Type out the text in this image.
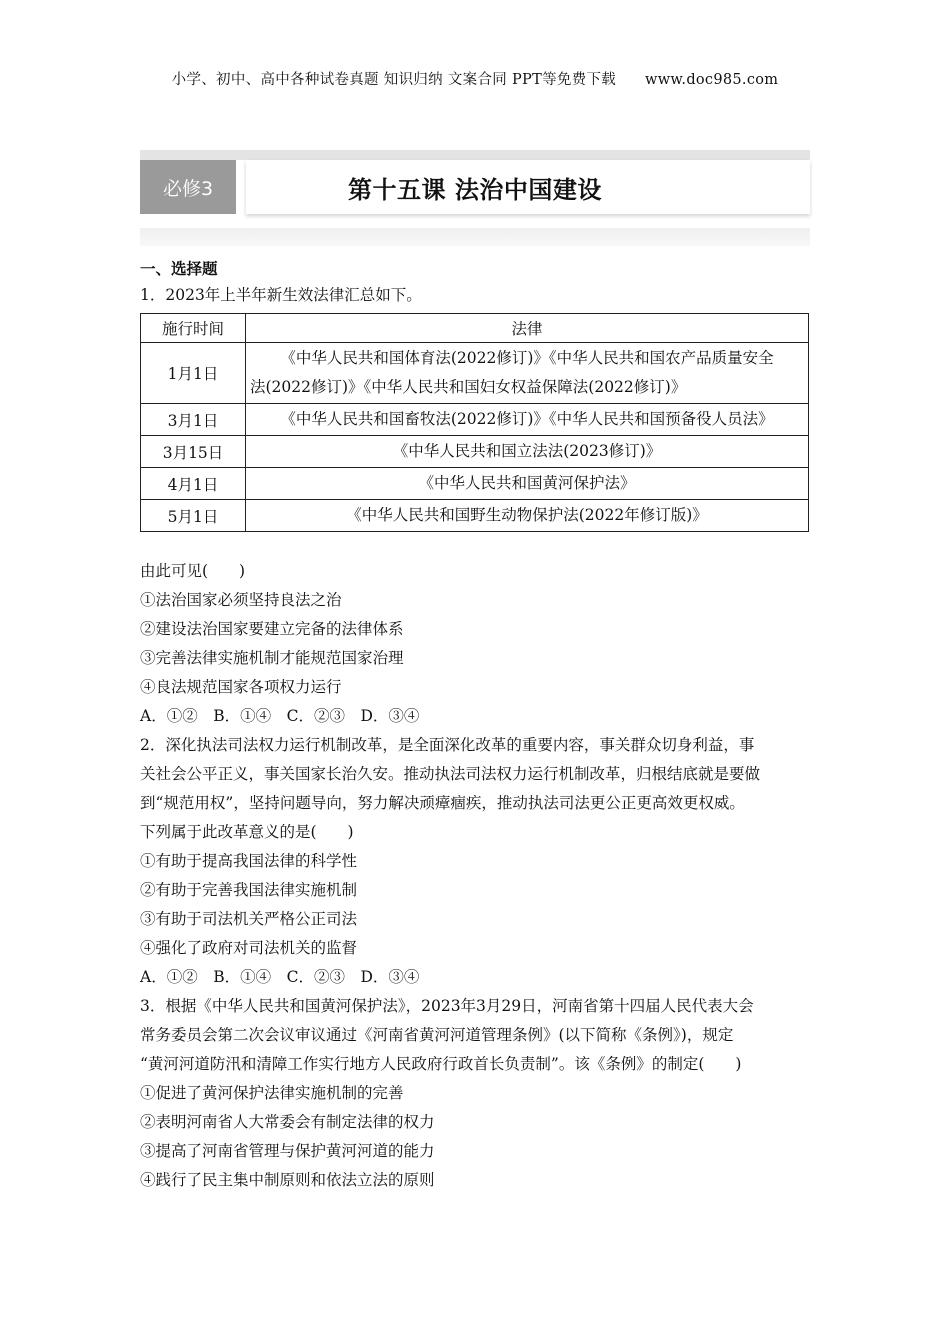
小学、初中、高中各种试卷真题 知识归纳 文案合同 PPT等免费下载 www.doc985.com
必修3	第十五课 法治中国建设
一、选择题
1．2023年上半年新生效法律汇总如下。
施行时间	法律
1月1日	《中华人民共和国体育法(2022修订)》《中华人民共和国农产品质量安全
法(2022修订)》《中华人民共和国妇女权益保障法(2022修订)》

3月1日	《中华人民共和国畜牧法(2022修订)》《中华人民共和国预备役人员法》
3月15日	《中华人民共和国立法法(2023修订)》
4月1日	《中华人民共和国黄河保护法》
5月1日	《中华人民共和国野生动物保护法(2022年修订版)》
由此可见(　　)
①法治国家必须坚持良法之治
②建设法治国家要建立完备的法律体系
③完善法律实施机制才能规范国家治理
④良法规范国家各项权力运行
A．①②　B．①④　C．②③　D．③④
2．深化执法司法权力运行机制改革，是全面深化改革的重要内容，事关群众切身利益，事
关社会公平正义，事关国家长治久安。推动执法司法权力运行机制改革，归根结底就是要做
到“规范用权”，坚持问题导向，努力解决顽瘴痼疾，推动执法司法更公正更高效更权威。
下列属于此改革意义的是(　　)
①有助于提高我国法律的科学性
②有助于完善我国法律实施机制
③有助于司法机关严格公正司法
④强化了政府对司法机关的监督
A．①②　B．①④　C．②③　D．③④
3．根据《中华人民共和国黄河保护法》，2023年3月29日，河南省第十四届人民代表大会
常务委员会第二次会议审议通过《河南省黄河河道管理条例》(以下简称《条例》)，规定
“黄河河道防汛和清障工作实行地方人民政府行政首长负责制”。该《条例》的制定(　　)
①促进了黄河保护法律实施机制的完善
②表明河南省人大常委会有制定法律的权力
③提高了河南省管理与保护黄河河道的能力
④践行了民主集中制原则和依法立法的原则
